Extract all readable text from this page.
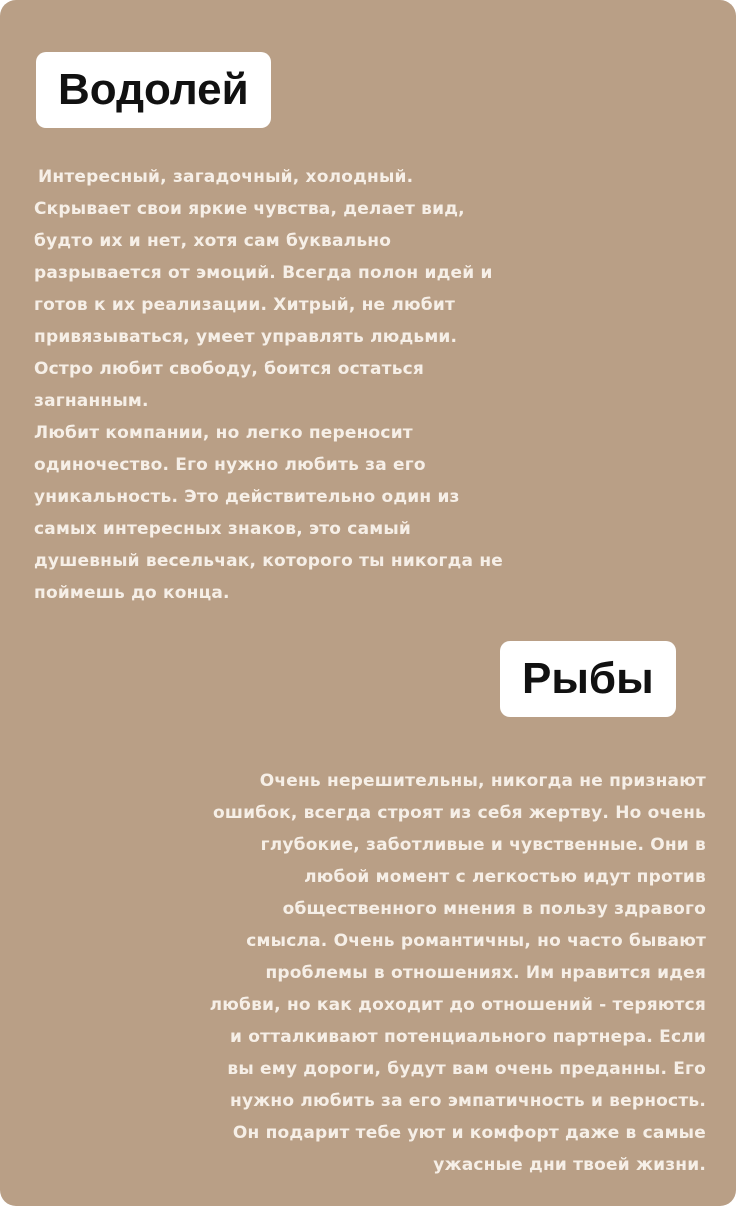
Водолей
Интересный, загадочный, холодный.
Скрывает свои яркие чувства, делает вид,
будто их и нет, хотя сам буквально
разрывается от эмоций. Всегда полон идей и
готов к их реализации. Хитрый, не любит
привязываться, умеет управлять людьми.
Остро любит свободу, боится остаться
загнанным.
Любит компании, но легко переносит
одиночество. Его нужно любить за его
уникальность. Это действительно один из
самых интересных знаков, это самый
душевный весельчак, которого ты никогда не
поймешь до конца.
Рыбы
Очень нерешительны, никогда не признают
ошибок, всегда строят из себя жертву. Но очень
глубокие, заботливые и чувственные. Они в
любой момент с легкостью идут против
общественного мнения в пользу здравого
смысла. Очень романтичны, но часто бывают
проблемы в отношениях. Им нравится идея
любви, но как доходит до отношений - теряются
и отталкивают потенциального партнера. Если
вы ему дороги, будут вам очень преданны. Его
нужно любить за его эмпатичность и верность.
Он подарит тебе уют и комфорт даже в самые
ужасные дни твоей жизни.
